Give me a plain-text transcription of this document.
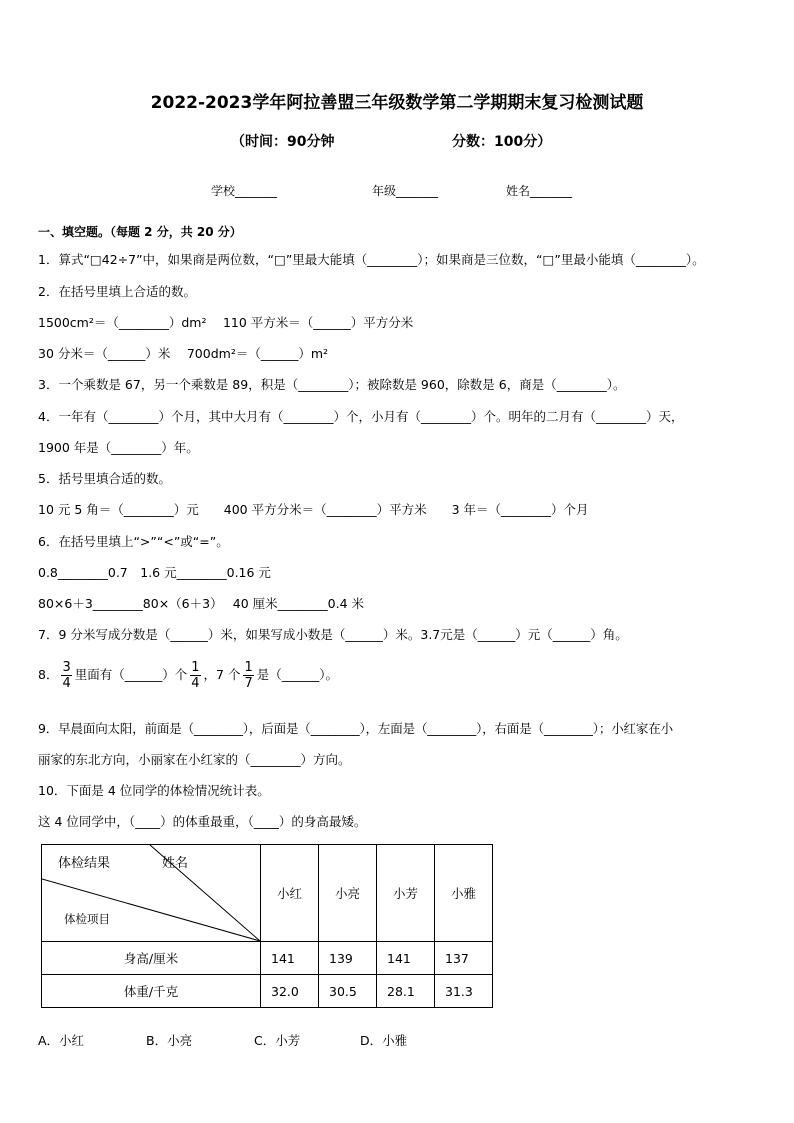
2022-2023学年阿拉善盟三年级数学第二学期期末复习检测试题
（时间：90分钟	分数：100分）
学校_______	年级_______	姓名_______
一、填空题。（每题 2 分，共 20 分）
1．算式“□42÷7”中，如果商是两位数，“□”里最大能填（________）；如果商是三位数，“□”里最小能填（________）。
2．在括号里填上合适的数。
1500cm²＝（________）dm²　 110 平方米＝（______）平方分米
30 分米＝（______）米　 700dm²＝（______）m²
3．一个乘数是 67，另一个乘数是 89，积是（________）；被除数是 960，除数是 6，商是（________）。
4．一年有（________）个月，其中大月有（________）个，小月有（________）个。明年的二月有（________）天，
1900 年是（________）年。
5．括号里填合适的数。
10 元 5 角＝（________）元　　400 平方分米＝（________）平方米　　3 年＝（________）个月
6．在括号里填上“>”“<”或“=”。
0.8________0.7　1.6 元________0.16 元
80×6＋3________80×（6＋3）　 40 厘米________0.4 米
7．9 分米写成分数是（______）米，如果写成小数是（______）米。3.7元是（______）元（______）角。
8． $\frac{3}{4}$ 里面有（______）个 $\frac{1}{4}$ ，7 个 $\frac{1}{7}$ 是（______）。
9．早晨面向太阳，前面是（________），后面是（________），左面是（________），右面是（________）；小红家在小
丽家的东北方向，小丽家在小红家的（________）方向。
10．下面是 4 位同学的体检情况统计表。
这 4 位同学中，（____）的体重最重，（____）的身高最矮。
体检结果 姓名
体检项目	小红	小亮	小芳	小雅
身高/厘米	141	139	141	137
体重/千克	32.0	30.5	28.1	31.3
A．小红	B．小亮	C．小芳	D．小雅
